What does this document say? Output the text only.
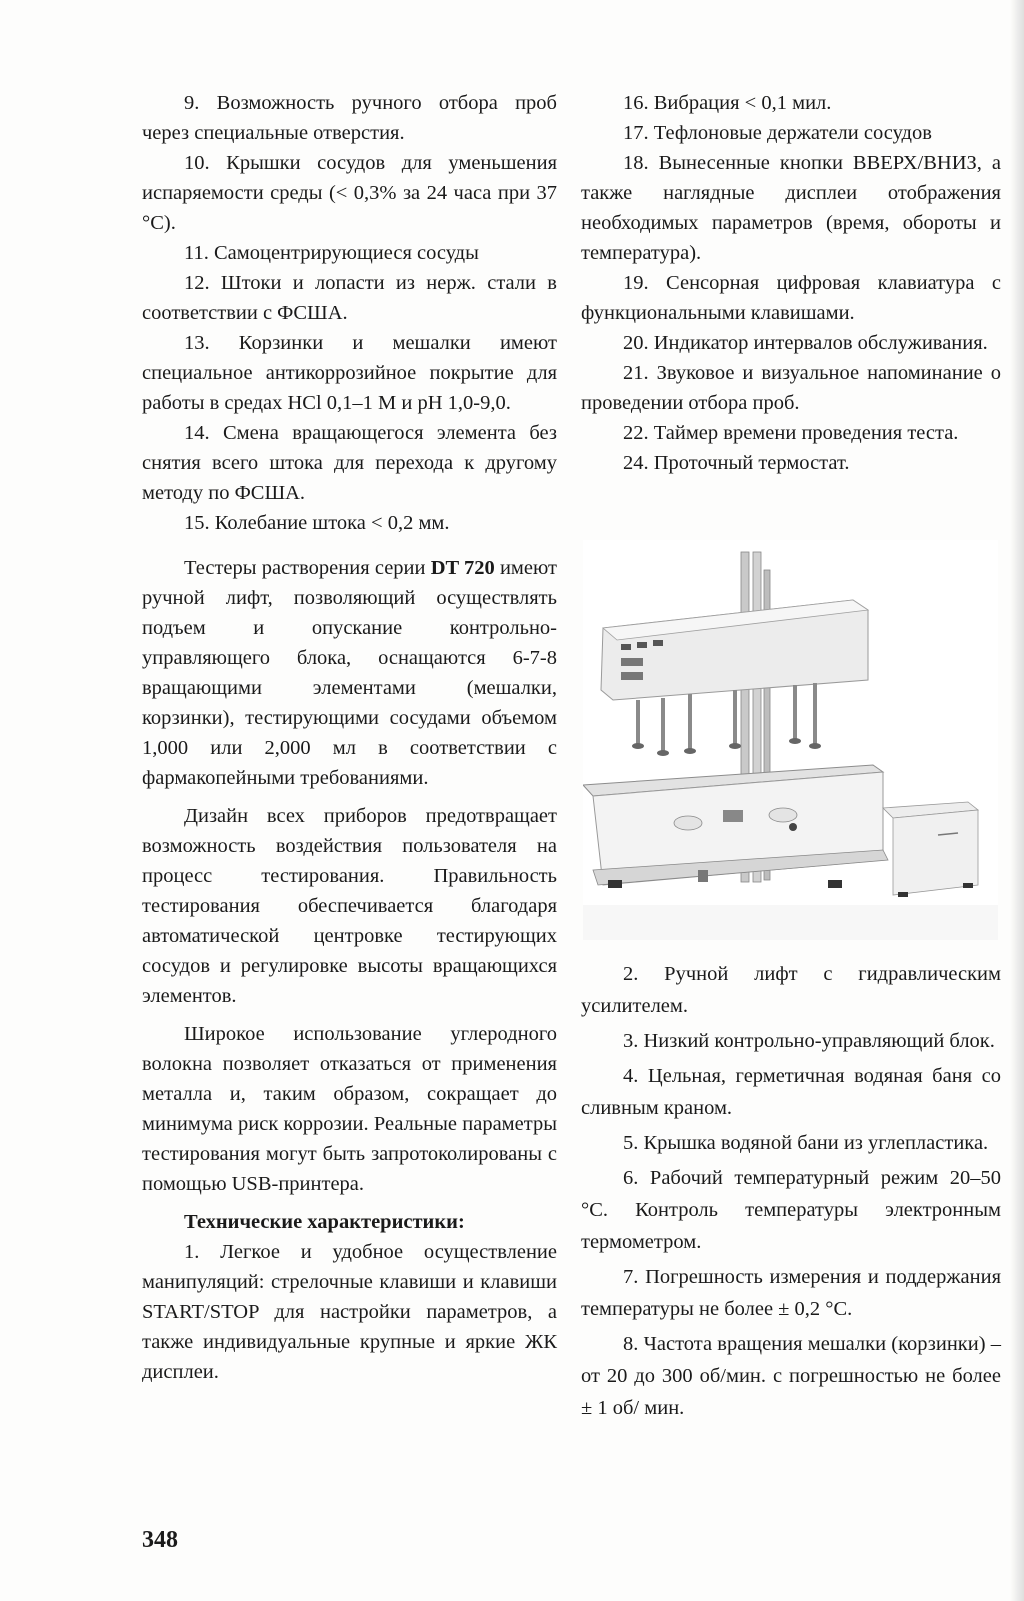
9. Возможность ручного отбора проб через специальные отверстия.

10. Крышки сосудов для уменьшения испаряемости среды (< 0,3% за 24 часа при 37 °C).

11. Самоцентрирующиеся сосуды

12. Штоки и лопасти из нерж. стали в соответствии с ФСША.

13. Корзинки и мешалки имеют специальное антикоррозийное покрытие для работы в средах HCl 0,1–1 M и pH 1,0-9,0.

14. Смена вращающегося элемента без снятия всего штока для перехода к другому методу по ФСША.

15. Колебание штока < 0,2 мм.

Тестеры растворения серии DT 720 имеют ручной лифт, позволяющий осуществлять подъем и опускание контрольно-управляющего блока, оснащаются 6-7-8 вращающими элементами (мешалки, корзинки), тестирующими сосудами объемом 1,000 или 2,000 мл в соответствии с фармакопейными требованиями.

Дизайн всех приборов предотвращает возможность воздействия пользователя на процесс тестирования. Правильность тестирования обеспечивается благодаря автоматической центровке тестирующих сосудов и регулировке высоты вращающихся элементов.

Широкое использование углеродного волокна позволяет отказаться от применения металла и, таким образом, сокращает до минимума риск коррозии. Реальные параметры тестирования могут быть запротоколированы с помощью USB-принтера.

Технические характеристики:

1. Легкое и удобное осуществление манипуляций: стрелочные клавиши и клавиши START/STOP для настройки параметров, а также индивидуальные крупные и яркие ЖК дисплеи.

16. Вибрация < 0,1 мил.

17. Тефлоновые держатели сосудов

18. Вынесенные кнопки ВВЕРХ/ВНИЗ, а также наглядные дисплеи отображения необходимых параметров (время, обороты и температура).

19. Сенсорная цифровая клавиатура с функциональными клавишами.

20. Индикатор интервалов обслуживания.

21. Звуковое и визуальное напоминание о проведении отбора проб.

22. Таймер времени проведения теста.

24. Проточный термостат.

2. Ручной лифт с гидравлическим усилителем.

3. Низкий контрольно-управляющий блок.

4. Цельная, герметичная водяная баня со сливным краном.

5. Крышка водяной бани из углепластика.

6. Рабочий температурный режим 20–50 °С. Контроль температуры электронным термометром.

7. Погрешность измерения и поддержания температуры не более ± 0,2 °С.

8. Частота вращения мешалки (корзинки) – от 20 до 300 об/мин. с погрешностью не более ± 1 об/ мин.

348
